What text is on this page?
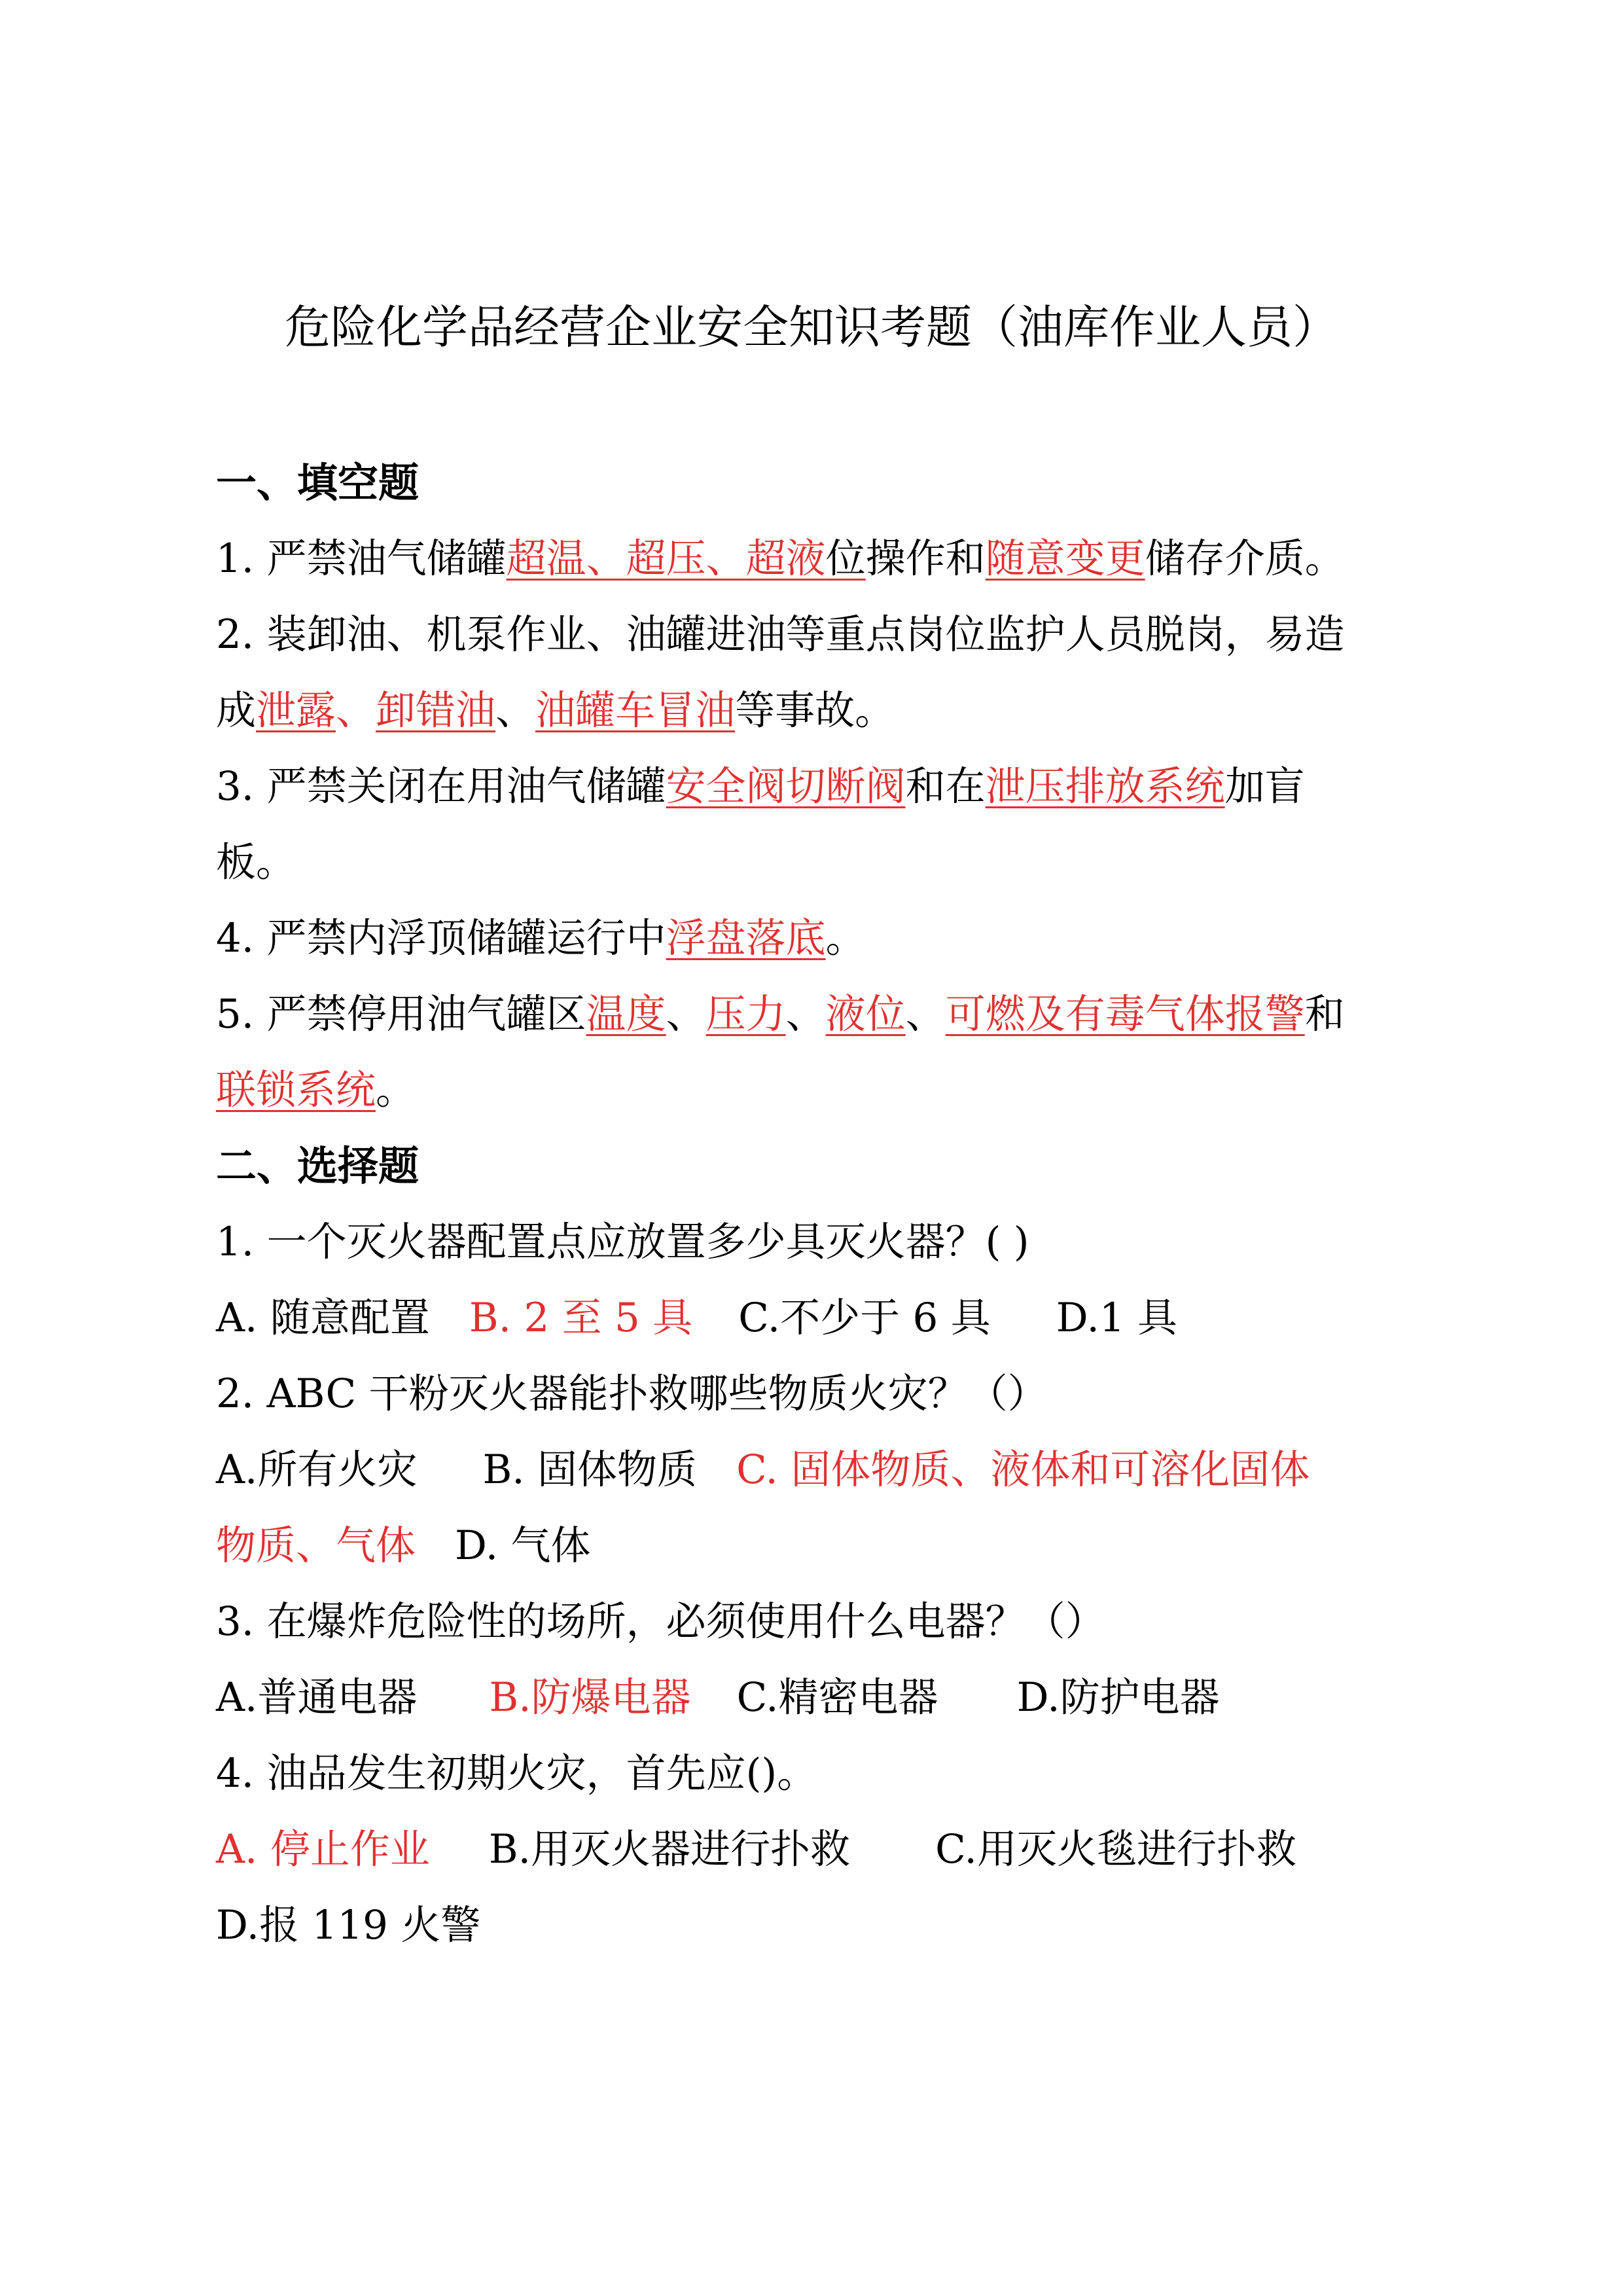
危险化学品经营企业安全知识考题（油库作业人员）
一、填空题
1. 严禁油气储罐超温、超压、超液位操作和随意变更储存介质。
2. 装卸油、机泵作业、油罐进油等重点岗位监护人员脱岗，易造
成泄露、卸错油、油罐车冒油等事故。
3. 严禁关闭在用油气储罐安全阀切断阀和在泄压排放系统加盲
板。
4. 严禁内浮顶储罐运行中浮盘落底。
5. 严禁停用油气罐区温度、压力、液位、可燃及有毒气体报警和
联锁系统。
二、选择题
1. 一个灭火器配置点应放置多少具灭火器？( )
A. 随意配置 B. 2 至 5 具 C.不少于 6 具 D.1 具
2. ABC 干粉灭火器能扑救哪些物质火灾？（）
A.所有火灾 B. 固体物质 C. 固体物质、液体和可溶化固体
物质、气体 D. 气体
3. 在爆炸危险性的场所，必须使用什么电器？（）
A.普通电器 B.防爆电器 C.精密电器 D.防护电器
4. 油品发生初期火灾，首先应()。
A. 停止作业 B.用灭火器进行扑救 C.用灭火毯进行扑救
D.报 119 火警
